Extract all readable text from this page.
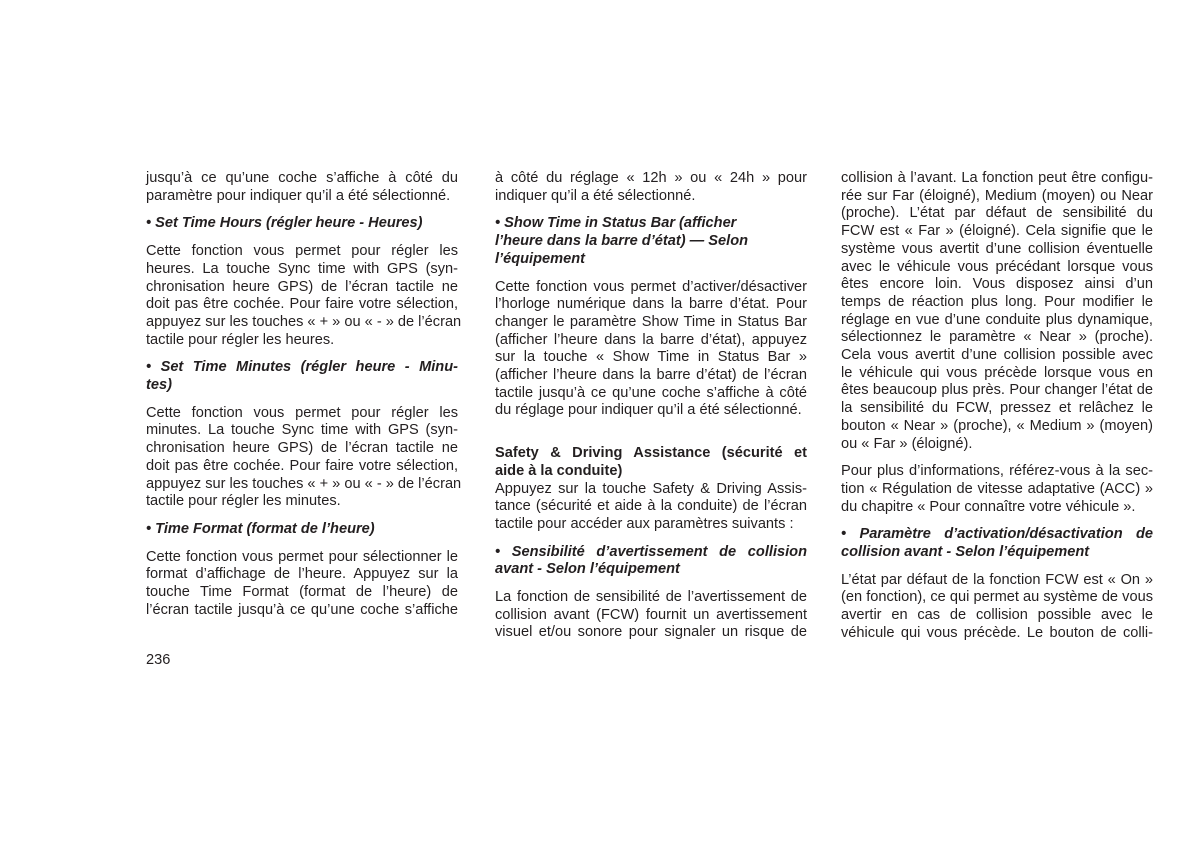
jusqu’à ce qu’une coche s’affiche à côté du
paramètre pour indiquer qu’il a été sélectionné.

• Set Time Hours (régler heure - Heures)

Cette fonction vous permet pour régler les
heures. La touche Sync time with GPS (syn-
chronisation heure GPS) de l’écran tactile ne
doit pas être cochée. Pour faire votre sélection,
appuyez sur les touches « + » ou « - » de l’écran
tactile pour régler les heures.

• Set Time Minutes (régler heure - Minu-
tes)

Cette fonction vous permet pour régler les
minutes. La touche Sync time with GPS (syn-
chronisation heure GPS) de l’écran tactile ne
doit pas être cochée. Pour faire votre sélection,
appuyez sur les touches « + » ou « - » de l’écran
tactile pour régler les minutes.

• Time Format (format de l’heure)

Cette fonction vous permet pour sélectionner le
format d’affichage de l’heure. Appuyez sur la
touche Time Format (format de l’heure) de
l’écran tactile jusqu’à ce qu’une coche s’affiche

à côté du réglage « 12h » ou « 24h » pour
indiquer qu’il a été sélectionné.

• Show Time in Status Bar (afficher
l’heure dans la barre d’état) — Selon
l’équipement

Cette fonction vous permet d’activer/désactiver
l’horloge numérique dans la barre d’état. Pour
changer le paramètre Show Time in Status Bar
(afficher l’heure dans la barre d’état), appuyez
sur la touche « Show Time in Status Bar »
(afficher l’heure dans la barre d’état) de l’écran
tactile jusqu’à ce qu’une coche s’affiche à côté
du réglage pour indiquer qu’il a été sélectionné.

Safety & Driving Assistance (sécurité et
aide à la conduite)

Appuyez sur la touche Safety & Driving Assis-
tance (sécurité et aide à la conduite) de l’écran
tactile pour accéder aux paramètres suivants :

• Sensibilité d’avertissement de collision
avant - Selon l’équipement

La fonction de sensibilité de l’avertissement de
collision avant (FCW) fournit un avertissement
visuel et/ou sonore pour signaler un risque de

collision à l’avant. La fonction peut être configu-
rée sur Far (éloigné), Medium (moyen) ou Near
(proche). L’état par défaut de sensibilité du
FCW est « Far » (éloigné). Cela signifie que le
système vous avertit d’une collision éventuelle
avec le véhicule vous précédant lorsque vous
êtes encore loin. Vous disposez ainsi d’un
temps de réaction plus long. Pour modifier le
réglage en vue d’une conduite plus dynamique,
sélectionnez le paramètre « Near » (proche).
Cela vous avertit d’une collision possible avec
le véhicule qui vous précède lorsque vous en
êtes beaucoup plus près. Pour changer l’état de
la sensibilité du FCW, pressez et relâchez le
bouton « Near » (proche), « Medium » (moyen)
ou « Far » (éloigné).

Pour plus d’informations, référez-vous à la sec-
tion « Régulation de vitesse adaptative (ACC) »
du chapitre « Pour connaître votre véhicule ».

• Paramètre d’activation/désactivation de
collision avant - Selon l’équipement

L’état par défaut de la fonction FCW est « On »
(en fonction), ce qui permet au système de vous
avertir en cas de collision possible avec le
véhicule qui vous précède. Le bouton de colli-

236
